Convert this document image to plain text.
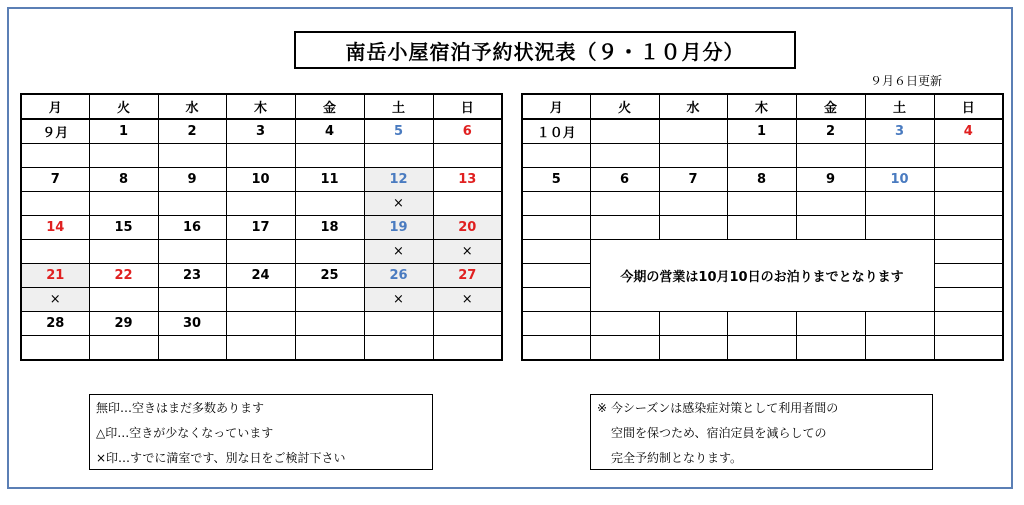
南岳小屋宿泊予約状況表（９・１０月分）
９月６日更新
月	火	水	木	金	土	日
９月	1	2	3	4	5	6

7	8	9	10	11	12	13
					×	
14	15	16	17	18	19	20
					×	×
21	22	23	24	25	26	27
×					×	×
28	29	30				

月	火	水	木	金	土	日
１０月			1	2	3	4

5	6	7	8	9	10	

	今期の営業は10月10日のお泊りまでとなります					

無印…空きはまだ多数あります
△印…空きが少なくなっています
×印…すでに満室です、別な日をご検討下さい
※ 今シーズンは感染症対策として利用者間の
空間を保つため、宿泊定員を減らしての
完全予約制となります。
